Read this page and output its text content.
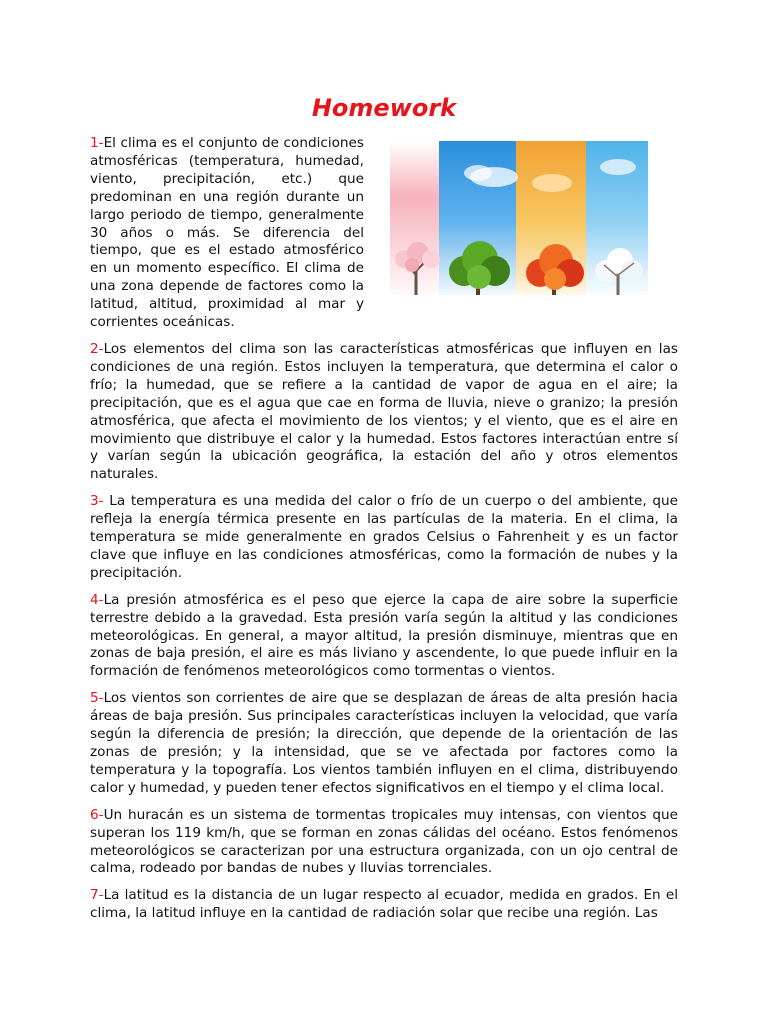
Homework

1-El clima es el conjunto de condiciones atmosféricas (temperatura, humedad, viento, precipitación, etc.) que predominan en una región durante un largo periodo de tiempo, generalmente 30 años o más. Se diferencia del tiempo, que es el estado atmosférico en un momento específico. El clima de una zona depende de factores como la latitud, altitud, proximidad al mar y corrientes oceánicas.

2-Los elementos del clima son las características atmosféricas que influyen en las condiciones de una región. Estos incluyen la temperatura, que determina el calor o frío; la humedad, que se refiere a la cantidad de vapor de agua en el aire; la precipitación, que es el agua que cae en forma de lluvia, nieve o granizo; la presión atmosférica, que afecta el movimiento de los vientos; y el viento, que es el aire en movimiento que distribuye el calor y la humedad. Estos factores interactúan entre sí y varían según la ubicación geográfica, la estación del año y otros elementos naturales.

3- La temperatura es una medida del calor o frío de un cuerpo o del ambiente, que refleja la energía térmica presente en las partículas de la materia. En el clima, la temperatura se mide generalmente en grados Celsius o Fahrenheit y es un factor clave que influye en las condiciones atmosféricas, como la formación de nubes y la precipitación.

4-La presión atmosférica es el peso que ejerce la capa de aire sobre la superficie terrestre debido a la gravedad. Esta presión varía según la altitud y las condiciones meteorológicas. En general, a mayor altitud, la presión disminuye, mientras que en zonas de baja presión, el aire es más liviano y ascendente, lo que puede influir en la formación de fenómenos meteorológicos como tormentas o vientos.

5-Los vientos son corrientes de aire que se desplazan de áreas de alta presión hacia áreas de baja presión. Sus principales características incluyen la velocidad, que varía según la diferencia de presión; la dirección, que depende de la orientación de las zonas de presión; y la intensidad, que se ve afectada por factores como la temperatura y la topografía. Los vientos también influyen en el clima, distribuyendo calor y humedad, y pueden tener efectos significativos en el tiempo y el clima local.

6-Un huracán es un sistema de tormentas tropicales muy intensas, con vientos que superan los 119 km/h, que se forman en zonas cálidas del océano. Estos fenómenos meteorológicos se caracterizan por una estructura organizada, con un ojo central de calma, rodeado por bandas de nubes y lluvias torrenciales.

7-La latitud es la distancia de un lugar respecto al ecuador, medida en grados. En el clima, la latitud influye en la cantidad de radiación solar que recibe una región. Las
